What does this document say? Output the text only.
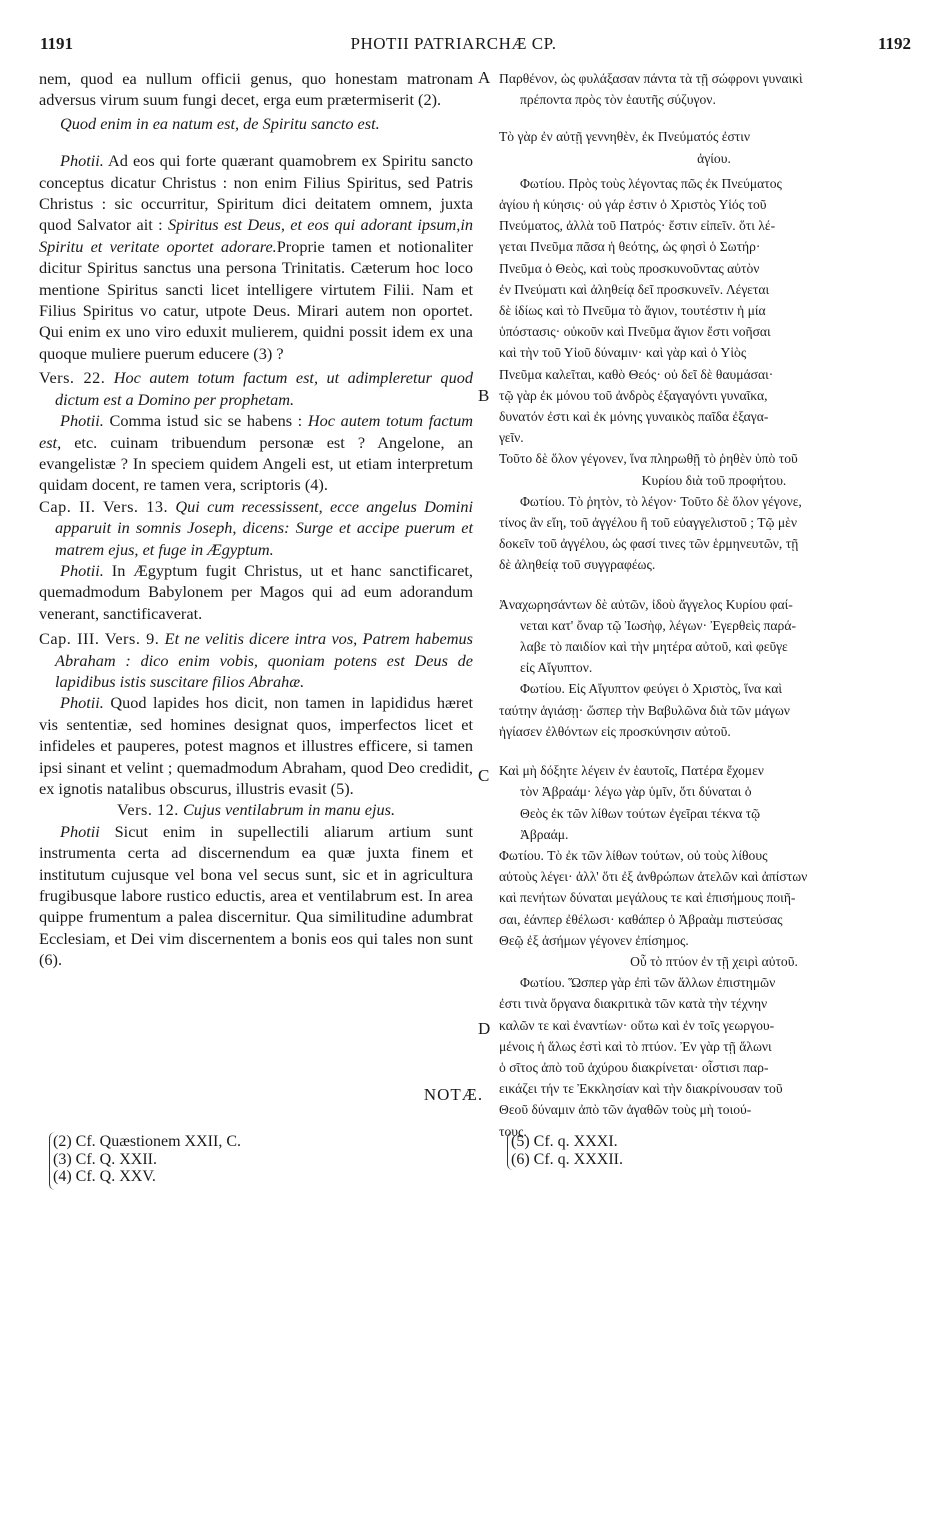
1191	PHOTII PATRIARCHÆ CP.	1192

nem, quod ea nullum officii genus, quo honestam matronam adversus virum suum fungi decet, erga eum prætermiserit (2).

Quod enim in ea natum est, de Spiritu sancto est.

Photii. Ad eos qui forte quærant quamobrem ex Spiritu sancto conceptus dicatur Christus : non enim Filius Spiritus, sed Patris Christus : sic occurritur, Spiritum dici deitatem omnem, juxta quod Salvator ait : Spiritus est Deus, et eos qui adorant ipsum,in Spiritu et veritate oportet adorare.Proprie tamen et notionaliter dicitur Spiritus sanctus una persona Trinitatis. Cæterum hoc loco mentione Spiritus sancti licet intelligere virtutem Filii. Nam et Filius Spiritus vo catur, utpote Deus. Mirari autem non oportet. Qui enim ex uno viro eduxit mulierem, quidni possit idem ex una quoque muliere puerum educere (3) ?

Vers. 22. Hoc autem totum factum est, ut adimpleretur quod dictum est a Domino per prophetam.

Photii. Comma istud sic se habens : Hoc autem totum factum est, etc. cuinam tribuendum personæ est ? Angelone, an evangelistæ ? In speciem quidem Angeli est, ut etiam interpretum quidam docent, re tamen vera, scriptoris (4).

Cap. II. Vers. 13. Qui cum recessissent, ecce angelus Domini apparuit in somnis Joseph, dicens: Surge et accipe puerum et matrem ejus, et fuge in Ægyptum.

Photii. In Ægyptum fugit Christus, ut et hanc sanctificaret, quemadmodum Babylonem per Magos qui ad eum adorandum venerant, sanctificaverat.

Cap. III. Vers. 9. Et ne velitis dicere intra vos, Patrem habemus Abraham : dico enim vobis, quoniam potens est Deus de lapidibus istis suscitare filios Abrahæ.

Photii. Quod lapides hos dicit, non tamen in lapididus hæret vis sententiæ, sed homines designat quos, imperfectos licet et infideles et pauperes, potest magnos et illustres efficere, si tamen ipsi sinant et velint ; quemadmodum Abraham, quod Deo credidit, ex ignotis natalibus obscurus, illustris evasit (5).

Vers. 12. Cujus ventilabrum in manu ejus.

Photii Sicut enim in supellectili aliarum artium sunt instrumenta certa ad discernendum ea quæ juxta finem et institutum cujusque vel bona vel secus sunt, sic et in agricultura frugibusque labore rustico eductis, area et ventilabrum est. In area quippe frumentum a palea discernitur. Qua similitudine adumbrat Ecclesiam, et Dei vim discernentem a bonis eos qui tales non sunt (6).

A
B
C
D

Παρθένον, ὡς φυλάξασαν πάντα τὰ τῇ σώφρονι γυναικὶ

πρέποντα πρὸς τὸν ἑαυτῆς σύζυγον.

Τὸ γὰρ ἐν αὐτῇ γεννηθὲν, ἐκ Πνεύματός ἐστιν

ἁγίου.

Φωτίου. Πρὸς τοὺς λέγοντας πῶς ἐκ Πνεύματος

ἁγίου ἡ κύησις· οὐ γάρ ἐστιν ὁ Χριστὸς Υἱός τοῦ

Πνεύματος, ἀλλὰ τοῦ Πατρός· ἔστιν εἰπεῖν. ὅτι λέ-

γεται Πνεῦμα πᾶσα ἡ θεότης, ὡς φησὶ ὁ Σωτήρ·

Πνεῦμα ὁ Θεὸς, καὶ τοὺς προσκυνοῦντας αὐτὸν

ἐν Πνεύματι καὶ ἀληθείᾳ δεῖ προσκυνεῖν. Λέγεται

δὲ ἰδίως καὶ τὸ Πνεῦμα τὸ ἅγιον, τουτέστιν ἡ μία

ὑπόστασις· οὐκοῦν καὶ Πνεῦμα ἅγιον ἔστι νοῆσαι

καὶ τὴν τοῦ Υἱοῦ δύναμιν· καὶ γὰρ καὶ ὁ Υἱὸς

Πνεῦμα καλεῖται, καθὸ Θεός· οὐ δεῖ δὲ θαυμάσαι·

τῷ γὰρ ἐκ μόνου τοῦ ἀνδρὸς ἐξαγαγόντι γυναῖκα,

δυνατόν ἐστι καὶ ἐκ μόνης γυναικὸς παῖδα ἐξαγα-

γεῖν.

Τοῦτο δὲ ὅλον γέγονεν, ἵνα πληρωθῇ τὸ ῥηθὲν ὑπὸ τοῦ

Κυρίου διὰ τοῦ προφήτου.

Φωτίου. Τὸ ῥητὸν, τὸ λέγον· Τοῦτο δὲ ὅλον γέγονε,

τίνος ἂν εἴη, τοῦ ἀγγέλου ἢ τοῦ εὐαγγελιστοῦ ; Τῷ μὲν

δοκεῖν τοῦ ἀγγέλου, ὡς φασί τινες τῶν ἑρμηνευτῶν, τῇ

δὲ ἀληθείᾳ τοῦ συγγραφέως.

Ἀναχωρησάντων δὲ αὐτῶν, ἰδοὺ ἄγγελος Κυρίου φαί-

νεται κατ' ὄναρ τῷ Ἰωσὴφ, λέγων· Ἐγερθεὶς παρά-

λαβε τὸ παιδίον καὶ τὴν μητέρα αὐτοῦ, καὶ φεῦγε

εἰς Αἴγυπτον.

Φωτίου. Εἰς Αἴγυπτον φεύγει ὁ Χριστὸς, ἵνα καὶ

ταύτην ἁγιάσῃ· ὥσπερ τὴν Βαβυλῶνα διὰ τῶν μάγων

ἡγίασεν ἐλθόντων εἰς προσκύνησιν αὐτοῦ.

Καὶ μὴ δόξητε λέγειν ἐν ἑαυτοῖς, Πατέρα ἔχομεν

τὸν Ἀβραάμ· λέγω γὰρ ὑμῖν, ὅτι δύναται ὁ

Θεὸς ἐκ τῶν λίθων τούτων ἐγεῖραι τέκνα τῷ

Ἀβραάμ.

Φωτίου. Τὸ ἐκ τῶν λίθων τούτων, οὐ τοὺς λίθους

αὐτοὺς λέγει· ἀλλ' ὅτι ἐξ ἀνθρώπων ἀτελῶν καὶ ἀπίστων

καὶ πενήτων δύναται μεγάλους τε καὶ ἐπισήμους ποιῆ-

σαι, ἐάνπερ ἐθέλωσι· καθάπερ ὁ Ἀβραὰμ πιστεύσας

Θεῷ ἐξ ἀσήμων γέγονεν ἐπίσημος.

Οὗ τὸ πτύον ἐν τῇ χειρὶ αὐτοῦ.

Φωτίου. Ὥσπερ γὰρ ἐπὶ τῶν ἄλλων ἐπιστημῶν

ἐστι τινὰ ὄργανα διακριτικὰ τῶν κατὰ τὴν τέχνην

καλῶν τε καὶ ἐναντίων· οὕτω καὶ ἐν τοῖς γεωργου-

μένοις ἡ ἅλως ἐστὶ καὶ τὸ πτύον. Ἐν γὰρ τῇ ἅλωνι

ὁ σῖτος ἀπὸ τοῦ ἀχύρου διακρίνεται· οἷστισι παρ-

εικάζει τήν τε Ἐκκλησίαν καὶ τὴν διακρίνουσαν τοῦ

Θεοῦ δύναμιν ἀπὸ τῶν ἀγαθῶν τοὺς μὴ τοιού-

τους.

NOTÆ.
(2) Cf. Quæstionem XXII, C.
(3) Cf. Q. XXII.
(4) Cf. Q. XXV.
(5) Cf. q. XXXI.
(6) Cf. q. XXXII.
